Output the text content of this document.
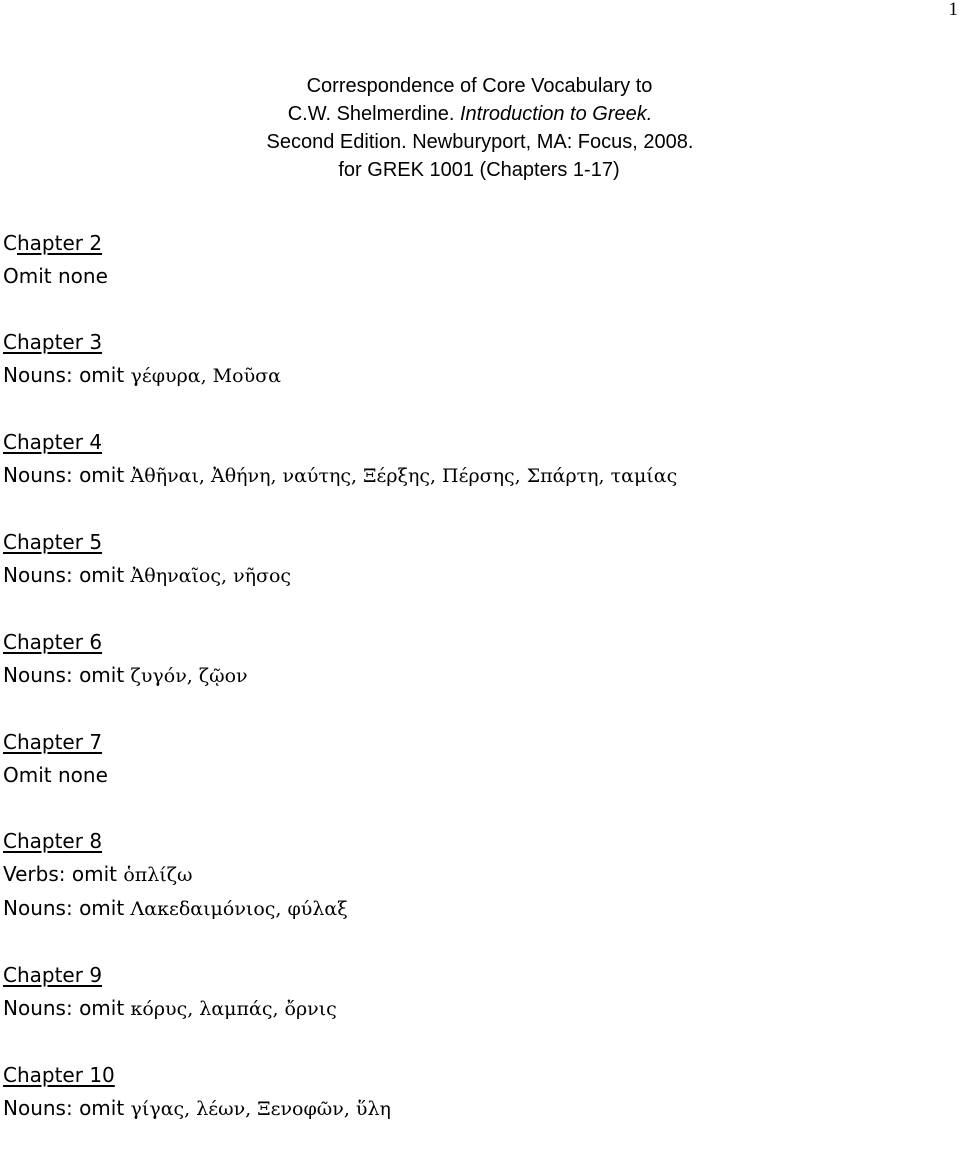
1
Correspondence of Core Vocabulary to
C.W. Shelmerdine. Introduction to Greek.
Second Edition. Newburyport, MA: Focus, 2008.
for GREK 1001 (Chapters 1-17)
Chapter 2
Omit none
Chapter 3
Nouns: omit γέφυρα, Μοῦσα
Chapter 4
Nouns: omit Ἀθῆναι, Ἀθήνη, ναύτης, Ξέρξης, Πέρσης, Σπάρτη, ταμίας
Chapter 5
Nouns: omit Ἀθηναῖος, νῆσος
Chapter 6
Nouns: omit ζυγόν, ζῷον
Chapter 7
Omit none
Chapter 8
Verbs: omit ὁπλίζω
Nouns: omit Λακεδαιμόνιος, φύλαξ
Chapter 9
Nouns: omit κόρυς, λαμπάς, ὄρνις
Chapter 10
Nouns: omit γίγας, λέων, Ξενοφῶν, ὕλη
